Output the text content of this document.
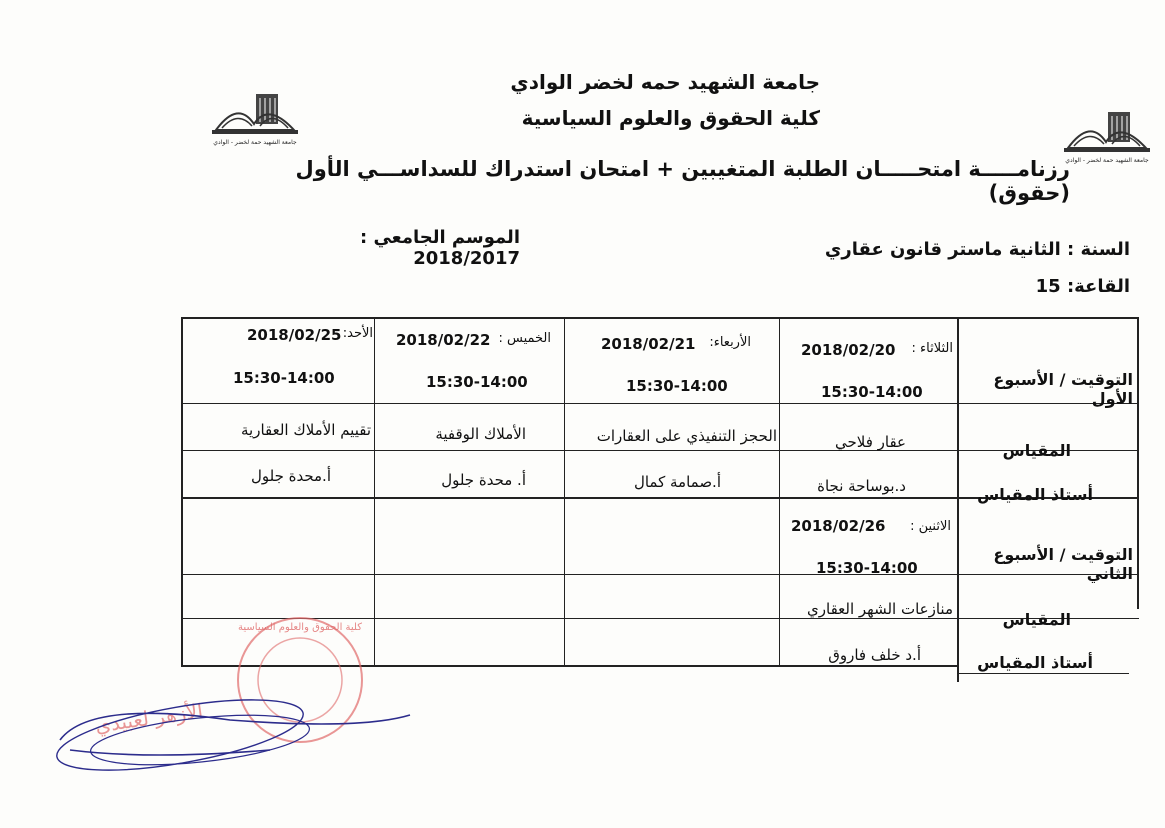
جامعة الشهيد حمة لخضر - الوادي
جامعة الشهيد حمة لخضر - الوادي
جامعة الشهيد حمه لخضر الوادي
كلية الحقوق والعلوم السياسية
رزنامـــــة امتحـــــان الطلبة المتغيبين + امتحان استدراك للسداســـي الأول (حقوق)
الموسم الجامعي : 2018/2017	السنة : الثانية ماستر قانون عقاري
القاعة: 15
التوقيت / الأسبوع الأول
المقياس
أستاذ المقياس
التوقيت / الأسبوع الثاني
المقياس
أستاذ المقياس
الثلاثاء :
2018/02/20
15:30-14:00
عقار فلاحي
د.بوساحة نجاة
الأربعاء:
2018/02/21
15:30-14:00
الحجز التنفيذي على العقارات
أ.صمامة كمال
الخميس :
2018/02/22
15:30-14:00
الأملاك الوقفية
أ. محدة جلول
الأحد:
2018/02/25
15:30-14:00
تقييم الأملاك العقارية
أ.محدة جلول
الاثنين :
2018/02/26
15:30-14:00
منازعات الشهر العقاري
أ.د خلف فاروق
كلية الحقوق والعلوم السياسية
الأزهر لعبيدي
